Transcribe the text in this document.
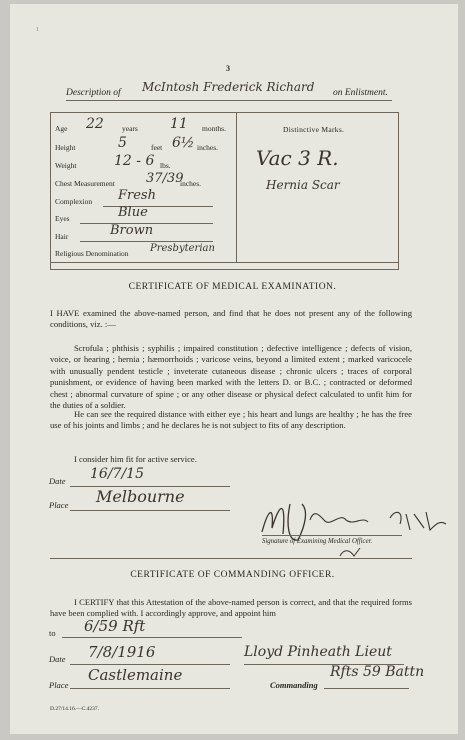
3
1
Description of McIntosh Frederick Richard on Enlistment.
Age 22 years 11 months.
Height	5	feet 6½ inches.
Weight	12 - 6 lbs.
Chest Measurement 37/39
inches.
Complexion Fresh
Eyes	Blue
Hair	Brown
Religious Denomination Presbyterian
Distinctive Marks.
Vac 3 R.
Hernia Scar
CERTIFICATE OF MEDICAL EXAMINATION.
I HAVE examined the above-named person, and find that he does not present any of the following conditions, viz. :—
Scrofula ; phthisis ; syphilis ; impaired constitution ; defective intelligence ; defects of vision, voice, or hearing ; hernia ; hæmorrhoids ; varicose veins, beyond a limited extent ; marked varicocele with unusually pendent testicle ; inveterate cutaneous disease ; chronic ulcers ; traces of corporal punishment, or evidence of having been marked with the letters D. or B.C. ; contracted or deformed chest ; abnormal curvature of spine ; or any other disease or physical defect calculated to unfit him for the duties of a soldier.
He can see the required distance with either eye ; his heart and lungs are healthy ; he has the free use of his joints and limbs ; and he declares he is not subject to fits of any description.
I consider him fit for active service.
Date 16/7/15
Place Melbourne
Signature of Examining Medical Officer.
CERTIFICATE OF COMMANDING OFFICER.
I CERTIFY that this Attestation of the above-named person is correct, and that the required forms have been complied with. I accordingly approve, and appoint him
to 6/59 Rft
Date 7/8/1916
Place
Castlemaine
Lloyd Pinheath Lieut
Commanding
Rfts 59 Battn
D.27/14.16.—C.4237.
